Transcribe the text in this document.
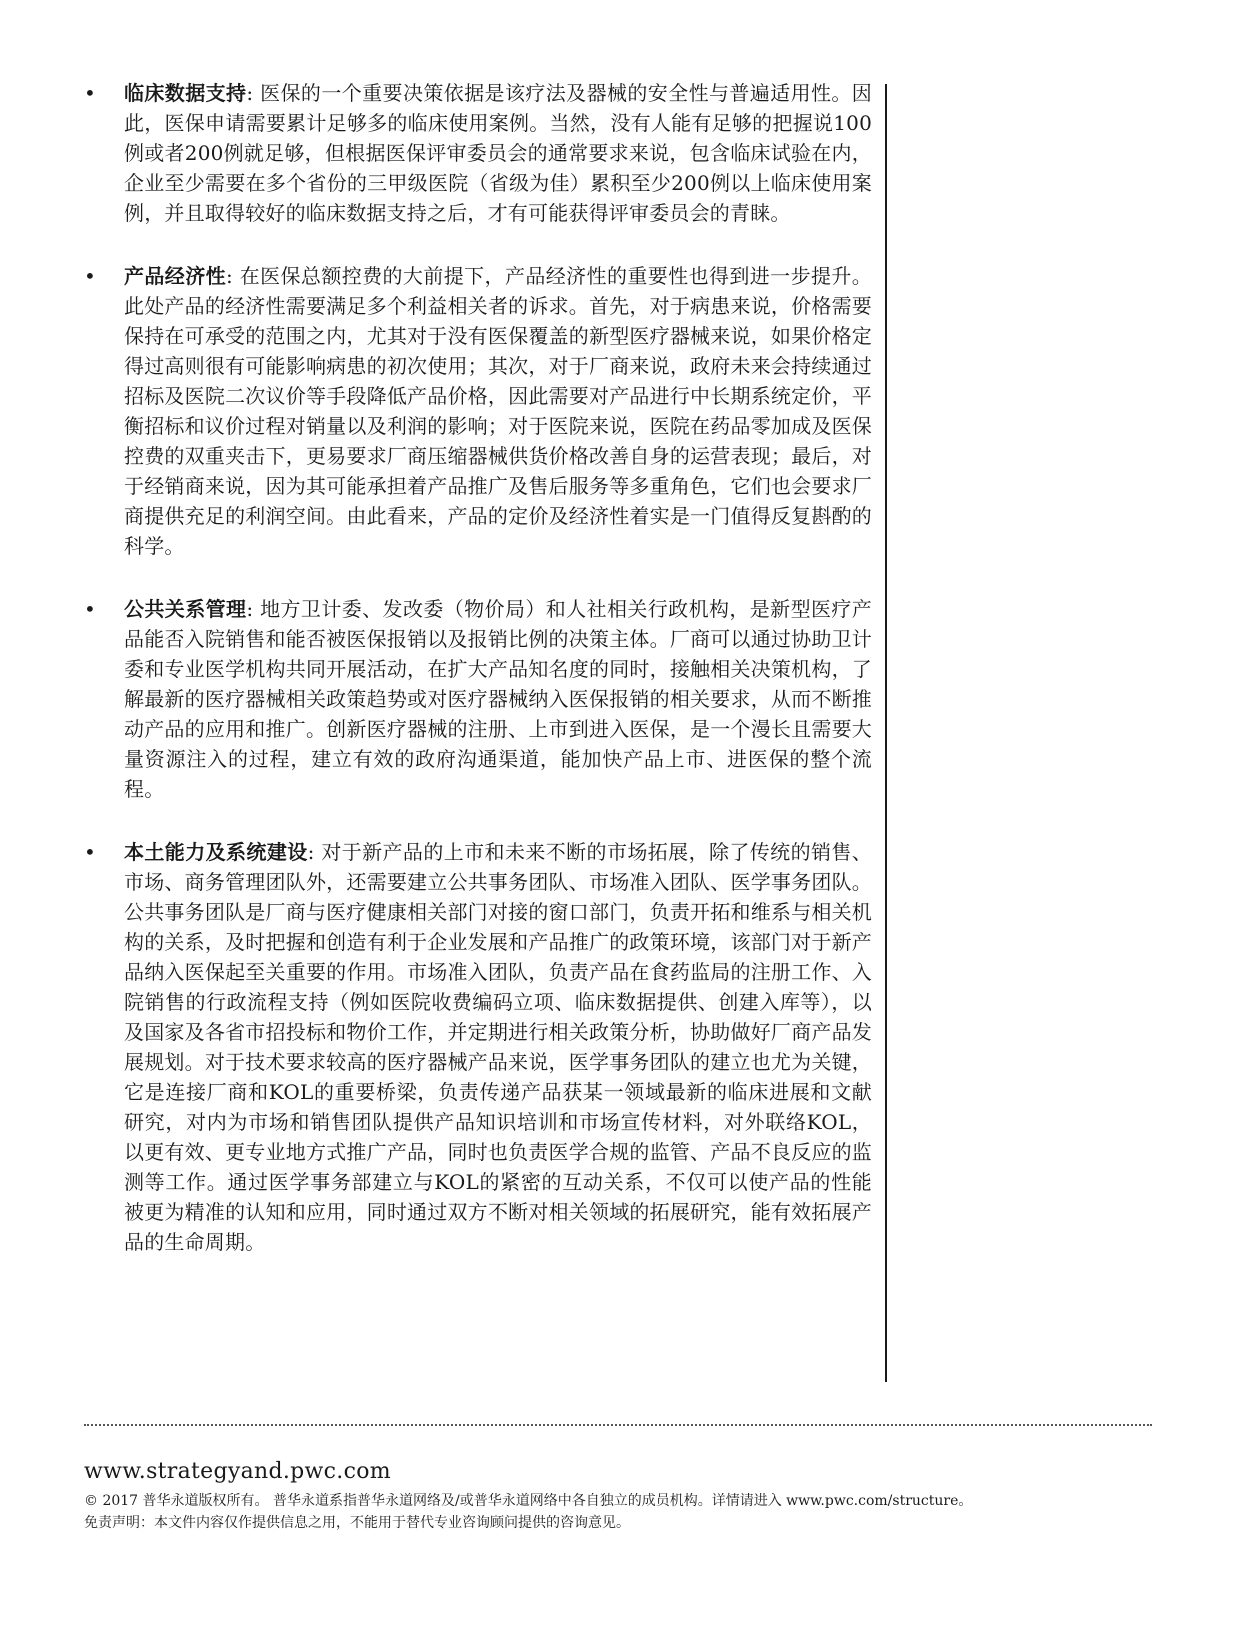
• 临床数据支持: 医保的一个重要决策依据是该疗法及器械的安全性与普遍适用性。因此，医保申请需要累计足够多的临床使用案例。当然，没有人能有足够的把握说100例或者200例就足够，但根据医保评审委员会的通常要求来说，包含临床试验在内，企业至少需要在多个省份的三甲级医院（省级为佳）累积至少200例以上临床使用案例，并且取得较好的临床数据支持之后，才有可能获得评审委员会的青睐。
• 产品经济性: 在医保总额控费的大前提下，产品经济性的重要性也得到进一步提升。此处产品的经济性需要满足多个利益相关者的诉求。首先，对于病患来说，价格需要保持在可承受的范围之内，尤其对于没有医保覆盖的新型医疗器械来说，如果价格定得过高则很有可能影响病患的初次使用；其次，对于厂商来说，政府未来会持续通过招标及医院二次议价等手段降低产品价格，因此需要对产品进行中长期系统定价，平衡招标和议价过程对销量以及利润的影响；对于医院来说，医院在药品零加成及医保控费的双重夹击下，更易要求厂商压缩器械供货价格改善自身的运营表现；最后，对于经销商来说，因为其可能承担着产品推广及售后服务等多重角色，它们也会要求厂商提供充足的利润空间。由此看来，产品的定价及经济性着实是一门值得反复斟酌的科学。
• 公共关系管理: 地方卫计委、发改委（物价局）和人社相关行政机构，是新型医疗产品能否入院销售和能否被医保报销以及报销比例的决策主体。厂商可以通过协助卫计委和专业医学机构共同开展活动，在扩大产品知名度的同时，接触相关决策机构，了解最新的医疗器械相关政策趋势或对医疗器械纳入医保报销的相关要求，从而不断推动产品的应用和推广。创新医疗器械的注册、上市到进入医保，是一个漫长且需要大量资源注入的过程，建立有效的政府沟通渠道，能加快产品上市、进医保的整个流程。
• 本土能力及系统建设: 对于新产品的上市和未来不断的市场拓展，除了传统的销售、市场、商务管理团队外，还需要建立公共事务团队、市场准入团队、医学事务团队。公共事务团队是厂商与医疗健康相关部门对接的窗口部门，负责开拓和维系与相关机构的关系，及时把握和创造有利于企业发展和产品推广的政策环境，该部门对于新产品纳入医保起至关重要的作用。市场准入团队，负责产品在食药监局的注册工作、入院销售的行政流程支持（例如医院收费编码立项、临床数据提供、创建入库等），以及国家及各省市招投标和物价工作，并定期进行相关政策分析，协助做好厂商产品发展规划。对于技术要求较高的医疗器械产品来说，医学事务团队的建立也尤为关键，它是连接厂商和KOL的重要桥梁，负责传递产品获某一领域最新的临床进展和文献研究，对内为市场和销售团队提供产品知识培训和市场宣传材料，对外联络KOL，以更有效、更专业地方式推广产品，同时也负责医学合规的监管、产品不良反应的监测等工作。通过医学事务部建立与KOL的紧密的互动关系，不仅可以使产品的性能被更为精准的认知和应用，同时通过双方不断对相关领域的拓展研究，能有效拓展产品的生命周期。
www.strategyand.pwc.com
© 2017 普华永道版权所有。 普华永道系指普华永道网络及/或普华永道网络中各自独立的成员机构。详情请进入 www.pwc.com/structure。
免责声明：本文件内容仅作提供信息之用，不能用于替代专业咨询顾问提供的咨询意见。
